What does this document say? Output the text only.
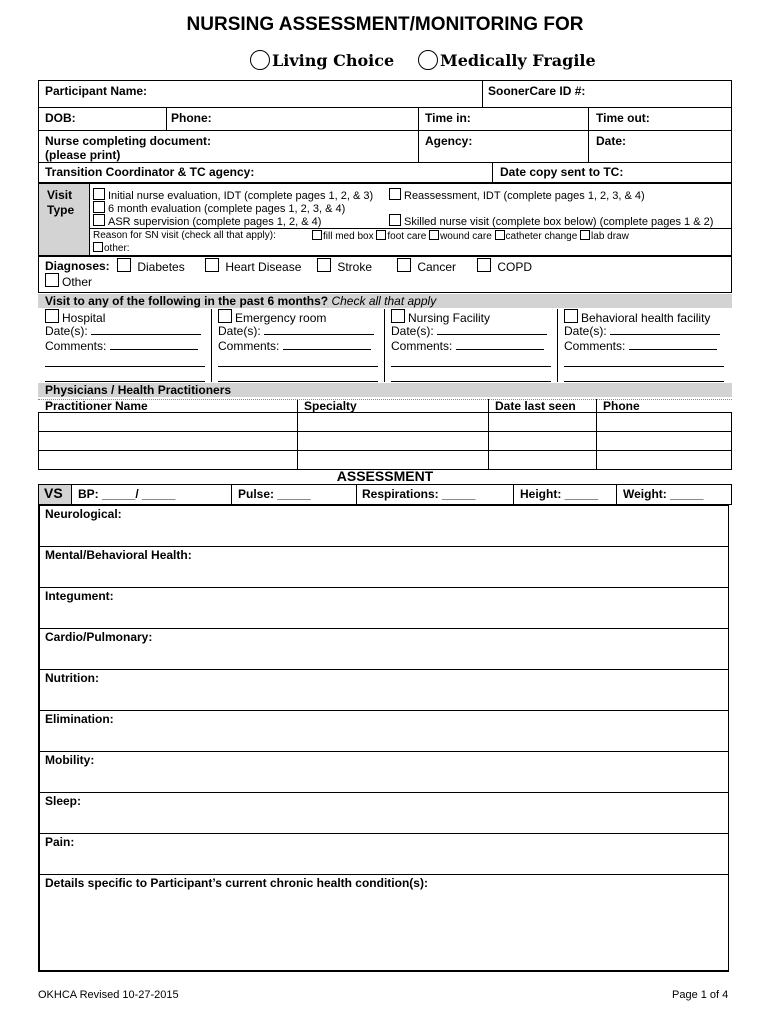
NURSING ASSESSMENT/MONITORING FOR
Living Choice	Medically Fragile
Participant Name:	SoonerCare ID #:
DOB:	Phone:	Time in:	Time out:
Nurse completing document:
(please print)
Agency:	Date:
Transition Coordinator & TC agency:	Date copy sent to TC:
Visit
Type
Initial nurse evaluation, IDT (complete pages 1, 2, & 3)	Reassessment, IDT (complete pages 1, 2, 3, & 4)
6 month evaluation (complete pages 1, 2, 3, & 4)
ASR supervision (complete pages 1, 2, & 4)	Skilled nurse visit (complete box below) (complete pages 1 & 2)
Reason for SN visit (check all that apply):	fill med box foot care wound care catheter change lab draw
other:
Diagnoses:	Diabetes	Heart Disease	Stroke	Cancer	COPD
Other
Visit to any of the following in the past 6 months? Check all that apply
Hospital	Emergency room	Nursing Facility	Behavioral health facility
Date(s):	Date(s):	Date(s):	Date(s):
Comments:	Comments:	Comments:	Comments:
Physicians / Health Practitioners
Practitioner Name	Specialty	Date last seen Phone
ASSESSMENT
VS BP: _____/ _____	Pulse: _____	Respirations: _____	Height: _____ Weight: _____
Neurological:
Mental/Behavioral Health:
Integument:
Cardio/Pulmonary:
Nutrition:
Elimination:
Mobility:
Sleep:
Pain:
Details specific to Participant’s current chronic health condition(s):
OKHCA Revised 10-27-2015	Page 1 of 4
